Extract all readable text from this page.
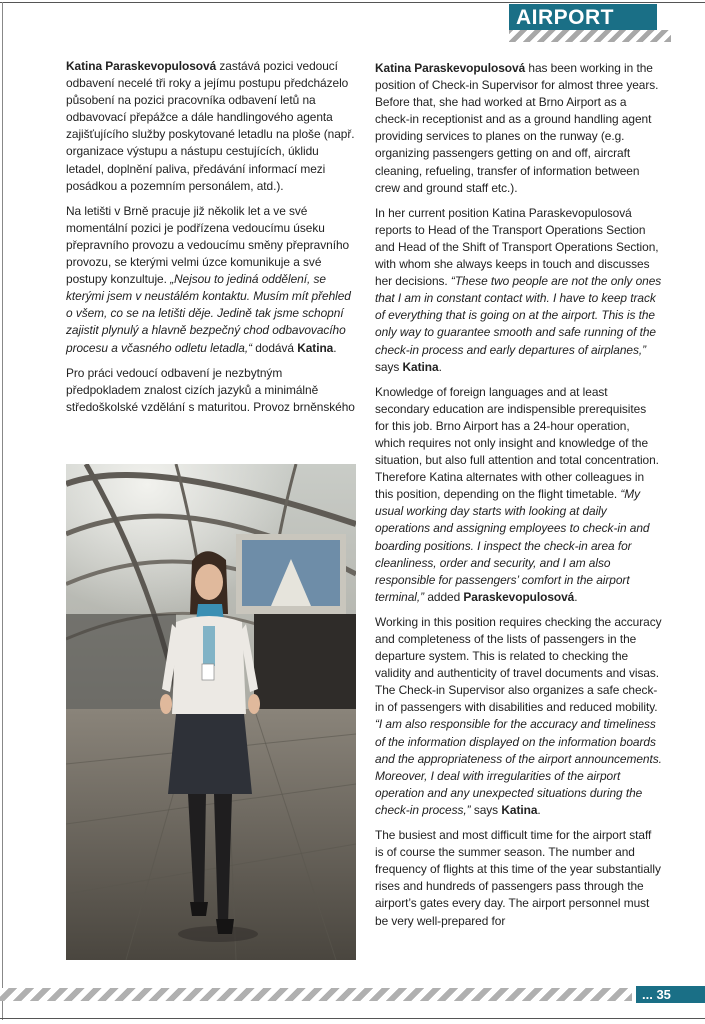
AIRPORT

Katina Paraskevopulosová zastává pozici vedoucí odbavení necelé tři roky a jejímu postupu předcházelo působení na pozici pracovníka odbavení letů na odbavovací přepážce a dále handlingového agenta zajišťujícího služby poskytované letadlu na ploše (např. organizace výstupu a nástupu cestujících, úklidu letadel, doplnění paliva, předávání informací mezi posádkou a pozemním personálem, atd.).

Na letišti v Brně pracuje již několik let a ve své momentální pozici je podřízena vedoucímu úseku přepravního provozu a vedoucímu směny přepravního provozu, se kterými velmi úzce komunikuje a své postupy konzultuje. „Nejsou to jediná oddělení, se kterými jsem v neustálém kontaktu. Musím mít přehled o všem, co se na letišti děje. Jedině tak jsme schopní zajistit plynulý a hlavně bezpečný chod odbavovacího procesu a včasného odletu letadla,“ dodává Katina.

Pro práci vedoucí odbavení je nezbytným předpokladem znalost cizích jazyků a minimálně středoškolské vzdělání s maturitou. Provoz brněnského

Katina Paraskevopulosová has been working in the position of Check-in Supervisor for almost three years. Before that, she had worked at Brno Airport as a check-in receptionist and as a ground handling agent providing services to planes on the runway (e.g. organizing passengers getting on and off, aircraft cleaning, refueling, transfer of information between crew and ground staff etc.).

In her current position Katina Paraskevopulosová reports to Head of the Transport Operations Section and Head of the Shift of Transport Operations Section, with whom she always keeps in touch and discusses her decisions. “These two people are not the only ones that I am in constant contact with. I have to keep track of everything that is going on at the airport. This is the only way to guarantee smooth and safe running of the check-in process and early departures of airplanes,” says Katina.

Knowledge of foreign languages and at least secondary education are indispensible prerequisites for this job. Brno Airport has a 24-hour operation, which requires not only insight and knowledge of the situation, but also full attention and total concentration. Therefore Katina alternates with other colleagues in this position, depending on the flight timetable. “My usual working day starts with looking at daily operations and assigning employees to check-in and boarding positions. I inspect the check-in area for cleanliness, order and security, and I am also responsible for passengers’ comfort in the airport terminal,” added Paraskevopulosová.

Working in this position requires checking the accuracy and completeness of the lists of passengers in the departure system. This is related to checking the validity and authenticity of travel documents and visas. The Check-in Supervisor also organizes a safe check-in of passengers with disabilities and reduced mobility. “I am also responsible for the accuracy and timeliness of the information displayed on the information boards and the appropriateness of the airport announcements. Moreover, I deal with irregularities of the airport operation and any unexpected situations during the check-in process,” says Katina.

The busiest and most difficult time for the airport staff is of course the summer season. The number and frequency of flights at this time of the year substantially rises and hundreds of passengers pass through the airport’s gates every day. The airport personnel must be very well-prepared for

... 35
